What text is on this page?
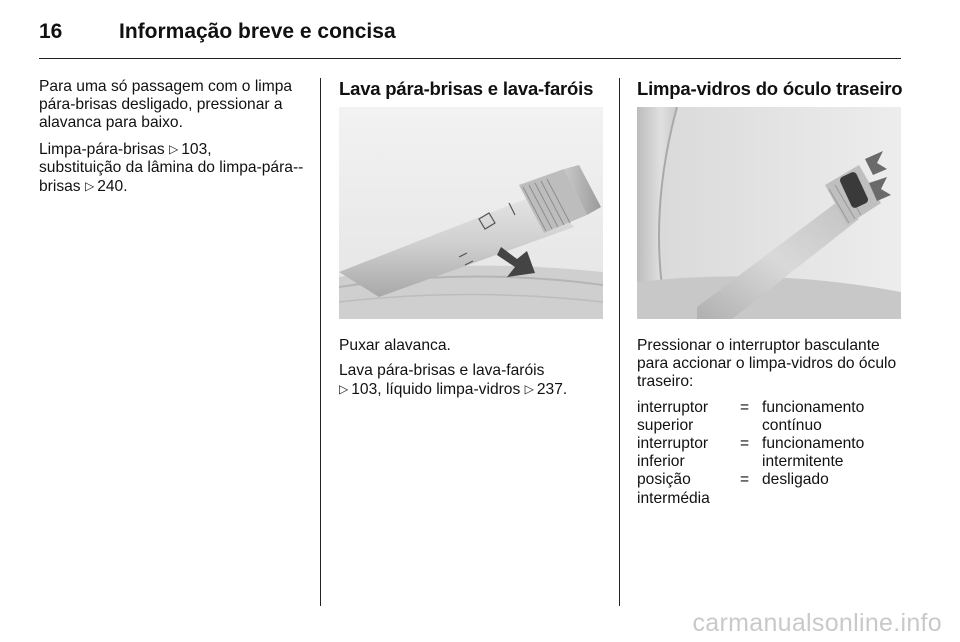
16	Informação breve e concisa

Para uma só passagem com o limpa pára-brisas desligado, pressionar a alavanca para baixo.

Limpa-pára-brisas ▷ 103,
substituição da lâmina do limpa-pára--brisas ▷ 240.

Lava pára-brisas e lava-faróis

Puxar alavanca.

Lava pára-brisas e lava-faróis
▷ 103, líquido limpa-vidros ▷ 237.

Limpa-vidros do óculo traseiro

Pressionar o interruptor basculante para accionar o limpa-vidros do óculo traseiro:

interruptor superior
= funcionamento contínuo
interruptor inferior
= funcionamento intermitente
posição intermédia
= desligado
carmanualsonline.info
